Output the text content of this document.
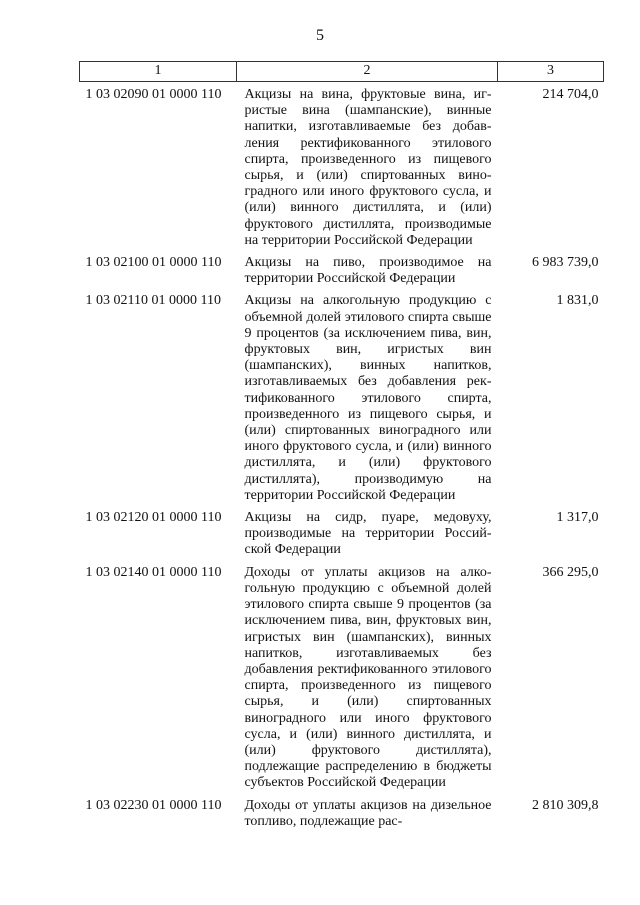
5
1	2	3
1 03 02090 01 0000 110	Акцизы на вина, фруктовые вина, игристые вина (шампанские), винные напитки, изготавливаемые без добавления ректификованного этилового спирта, произведенного из пищевого сырья, и (или) спиртованных виноградного или иного фруктового сусла, и (или) винного дистиллята, и (или) фруктового дистиллята, производимые на территории Российской Федерации	214 704,0
1 03 02100 01 0000 110	Акцизы на пиво, производимое на территории Российской Федерации	6 983 739,0
1 03 02110 01 0000 110	Акцизы на алкогольную продукцию с объемной долей этилового спирта свыше 9 процентов (за исключением пива, вин, фруктовых вин, игристых вин (шампанских), винных напитков, изготавливаемых без добавления ректификованного этилового спирта, произведенного из пищевого сырья, и (или) спиртованных виноградного или иного фруктового сусла, и (или) винного дистиллята, и (или) фруктового дистиллята), производимую на территории Российской Федерации	1 831,0
1 03 02120 01 0000 110	Акцизы на сидр, пуаре, медовуху, производимые на территории Российской Федерации	1 317,0
1 03 02140 01 0000 110	Доходы от уплаты акцизов на алкогольную продукцию с объемной долей этилового спирта свыше 9 процентов (за исключением пива, вин, фруктовых вин, игристых вин (шампанских), винных напитков, изготавливаемых без добавления ректификованного этилового спирта, произведенного из пищевого сырья, и (или) спиртованных виноградного или иного фруктового сусла, и (или) винного дистиллята, и (или) фруктового дистиллята), подлежащие распределению в бюджеты субъектов Российской Федерации	366 295,0
1 03 02230 01 0000 110	Доходы от уплаты акцизов на дизельное топливо, подлежащие рас-	2 810 309,8
